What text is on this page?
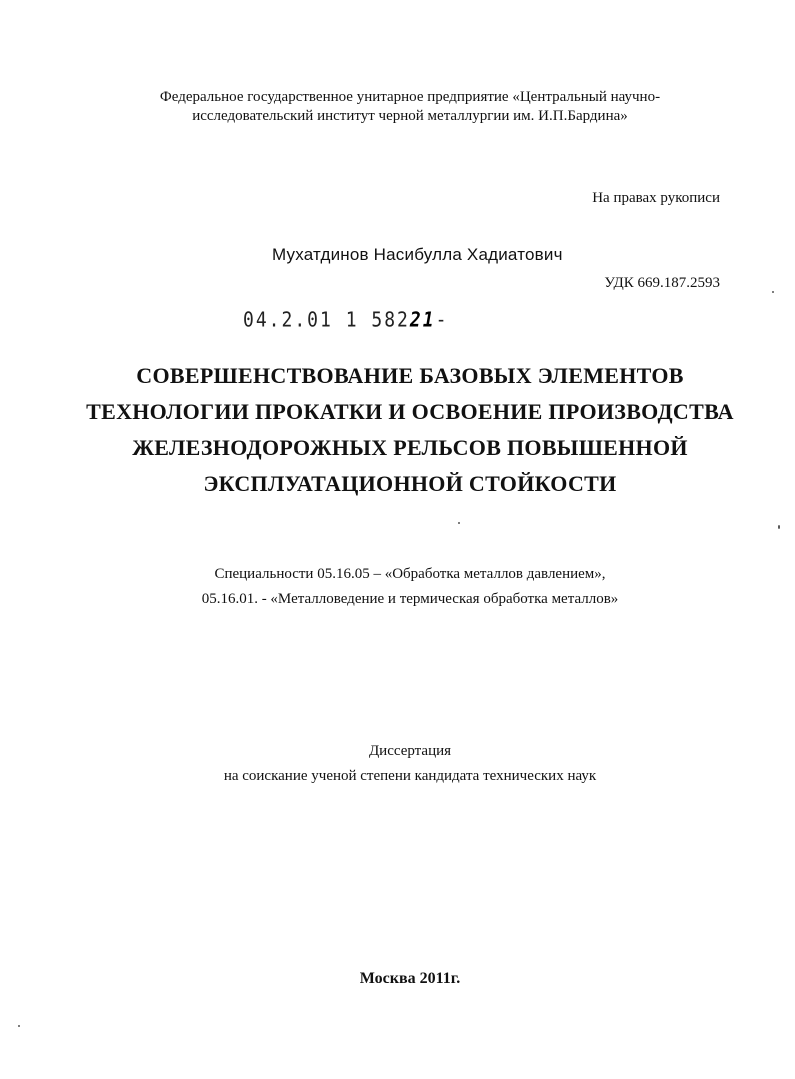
Федеральное государственное унитарное предприятие «Центральный научно-
исследовательский институт черной металлургии им. И.П.Бардина»
На правах рукописи
Мухатдинов Насибулла Хадиатович
УДК 669.187.2593
04.2.01 1 58221-
СОВЕРШЕНСТВОВАНИЕ БАЗОВЫХ ЭЛЕМЕНТОВ
ТЕХНОЛОГИИ ПРОКАТКИ И ОСВОЕНИЕ ПРОИЗВОДСТВА
ЖЕЛЕЗНОДОРОЖНЫХ РЕЛЬСОВ ПОВЫШЕННОЙ
ЭКСПЛУАТАЦИОННОЙ СТОЙКОСТИ
Специальности 05.16.05 – «Обработка металлов давлением»,
05.16.01. - «Металловедение и термическая обработка металлов»
Диссертация
на соискание ученой степени кандидата технических наук
Москва 2011г.
